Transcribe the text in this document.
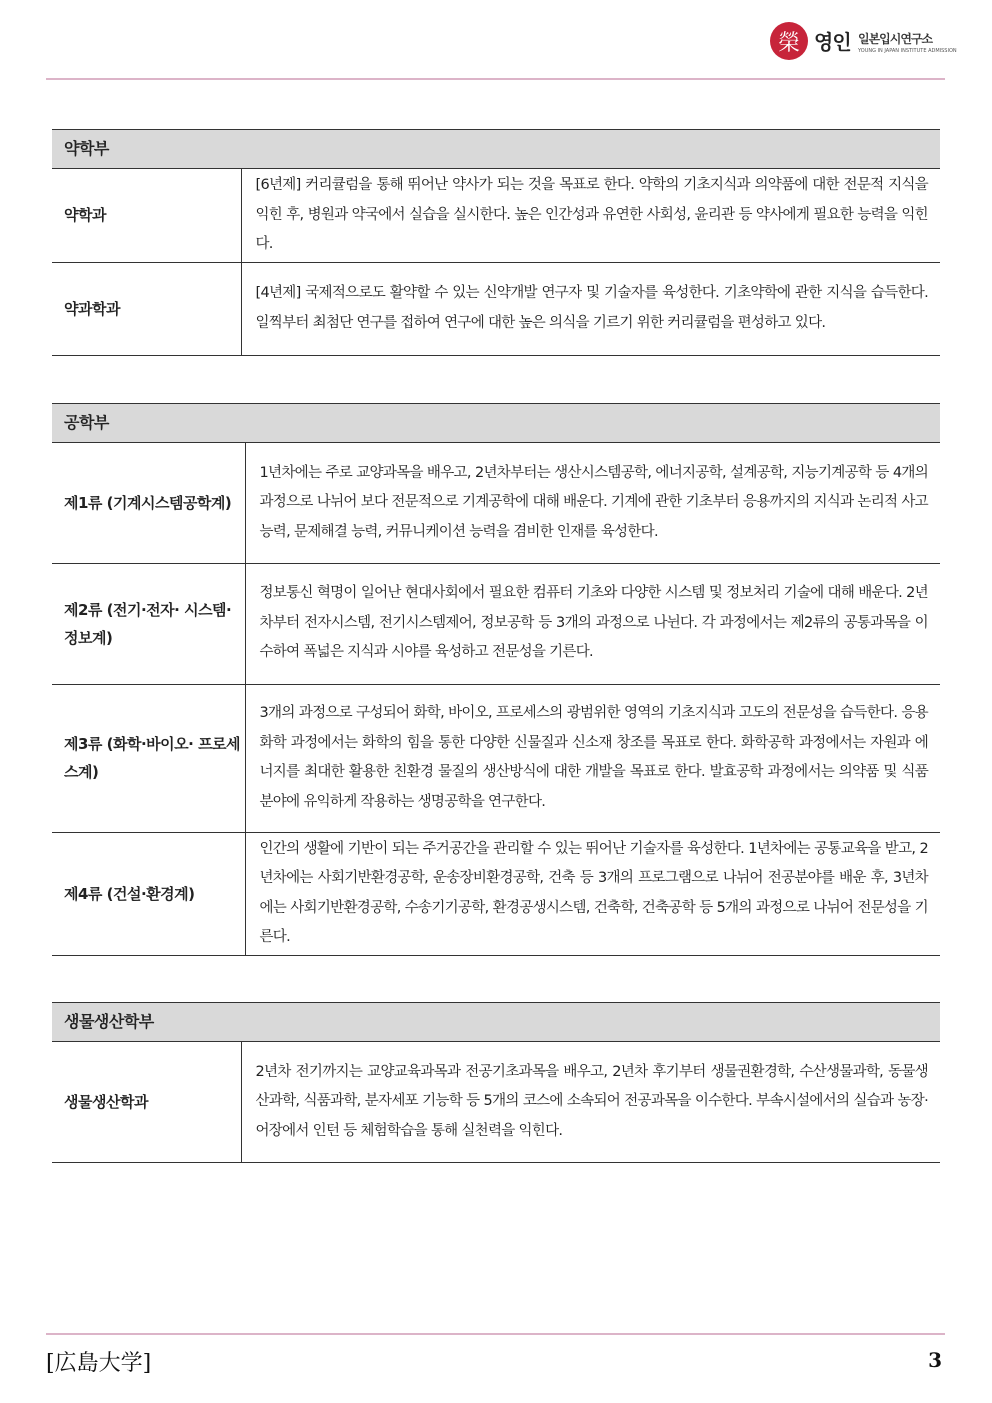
榮 영인 일본입시연구소
YOUNG IN JAPAN INSTITUTE ADMISSION
약학부
약학과	[6년제] 커리큘럼을 통해 뛰어난 약사가 되는 것을 목표로 한다. 약학의 기초지식과 의약품에 대한 전문적 지식을 익힌 후, 병원과 약국에서 실습을 실시한다. 높은 인간성과 유연한 사회성, 윤리관 등 약사에게 필요한 능력을 익힌다.
약과학과	[4년제] 국제적으로도 활약할 수 있는 신약개발 연구자 및 기술자를 육성한다. 기초약학에 관한 지식을 습득한다. 일찍부터 최첨단 연구를 접하여 연구에 대한 높은 의식을 기르기 위한 커리큘럼을 편성하고 있다.
공학부
제1류 (기계시스템공학계)	1년차에는 주로 교양과목을 배우고, 2년차부터는 생산시스템공학, 에너지공학, 설계공학, 지능기계공학 등 4개의 과정으로 나뉘어 보다 전문적으로 기계공학에 대해 배운다. 기계에 관한 기초부터 응용까지의 지식과 논리적 사고 능력, 문제해결 능력, 커뮤니케이션 능력을 겸비한 인재를 육성한다.
제2류 (전기·전자· 시스템·정보계)	정보통신 혁명이 일어난 현대사회에서 필요한 컴퓨터 기초와 다양한 시스템 및 정보처리 기술에 대해 배운다. 2년차부터 전자시스템, 전기시스템제어, 정보공학 등 3개의 과정으로 나뉜다. 각 과정에서는 제2류의 공통과목을 이수하여 폭넓은 지식과 시야를 육성하고 전문성을 기른다.
제3류 (화학·바이오· 프로세스계)	3개의 과정으로 구성되어 화학, 바이오, 프로세스의 광범위한 영역의 기초지식과 고도의 전문성을 습득한다. 응용화학 과정에서는 화학의 힘을 통한 다양한 신물질과 신소재 창조를 목표로 한다. 화학공학 과정에서는 자원과 에너지를 최대한 활용한 친환경 물질의 생산방식에 대한 개발을 목표로 한다. 발효공학 과정에서는 의약품 및 식품 분야에 유익하게 작용하는 생명공학을 연구한다.
제4류 (건설·환경계)	인간의 생활에 기반이 되는 주거공간을 관리할 수 있는 뛰어난 기술자를 육성한다. 1년차에는 공통교육을 받고, 2년차에는 사회기반환경공학, 운송장비환경공학, 건축 등 3개의 프로그램으로 나뉘어 전공분야를 배운 후, 3년차에는 사회기반환경공학, 수송기기공학, 환경공생시스템, 건축학, 건축공학 등 5개의 과정으로 나뉘어 전문성을 기른다.
생물생산학부
생물생산학과	2년차 전기까지는 교양교육과목과 전공기초과목을 배우고, 2년차 후기부터 생물권환경학, 수산생물과학, 동물생산과학, 식품과학, 분자세포 기능학 등 5개의 코스에 소속되어 전공과목을 이수한다. 부속시설에서의 실습과 농장·어장에서 인턴 등 체험학습을 통해 실천력을 익힌다.
[広島大学]	3
